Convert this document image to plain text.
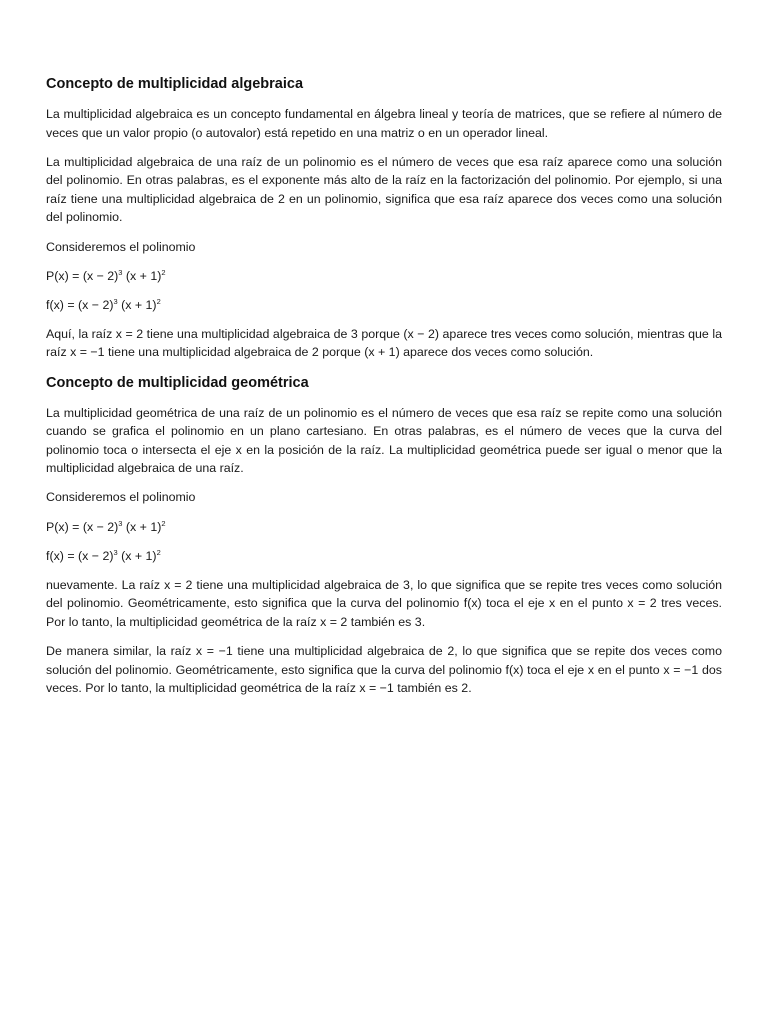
Concepto de multiplicidad algebraica

La multiplicidad algebraica es un concepto fundamental en álgebra lineal y teoría de matrices, que se refiere al número de veces que un valor propio (o autovalor) está repetido en una matriz o en un operador lineal.

La multiplicidad algebraica de una raíz de un polinomio es el número de veces que esa raíz aparece como una solución del polinomio. En otras palabras, es el exponente más alto de la raíz en la factorización del polinomio. Por ejemplo, si una raíz tiene una multiplicidad algebraica de 2 en un polinomio, significa que esa raíz aparece dos veces como una solución del polinomio.

Consideremos el polinomio

$P(x) = (x - 2)^3$ $(x + 1)^2$

$f(x) = (x - 2)^3$ $(x + 1)^2$

Aquí, la raíz x = 2 tiene una multiplicidad algebraica de 3 porque (x − 2) aparece tres veces como solución, mientras que la raíz x = −1 tiene una multiplicidad algebraica de 2 porque (x + 1) aparece dos veces como solución.

Concepto de multiplicidad geométrica

La multiplicidad geométrica de una raíz de un polinomio es el número de veces que esa raíz se repite como una solución cuando se grafica el polinomio en un plano cartesiano. En otras palabras, es el número de veces que la curva del polinomio toca o intersecta el eje x en la posición de la raíz. La multiplicidad geométrica puede ser igual o menor que la multiplicidad algebraica de una raíz.

Consideremos el polinomio

$P(x) = (x - 2)^3$ $(x + 1)^2$

$f(x) = (x - 2)^3$ $(x + 1)^2$

nuevamente. La raíz x = 2 tiene una multiplicidad algebraica de 3, lo que significa que se repite tres veces como solución del polinomio. Geométricamente, esto significa que la curva del polinomio f(x) toca el eje x en el punto x = 2 tres veces. Por lo tanto, la multiplicidad geométrica de la raíz x = 2 también es 3.

De manera similar, la raíz x = −1 tiene una multiplicidad algebraica de 2, lo que significa que se repite dos veces como solución del polinomio. Geométricamente, esto significa que la curva del polinomio f(x) toca el eje x en el punto x = −1 dos veces. Por lo tanto, la multiplicidad geométrica de la raíz x = −1 también es 2.
